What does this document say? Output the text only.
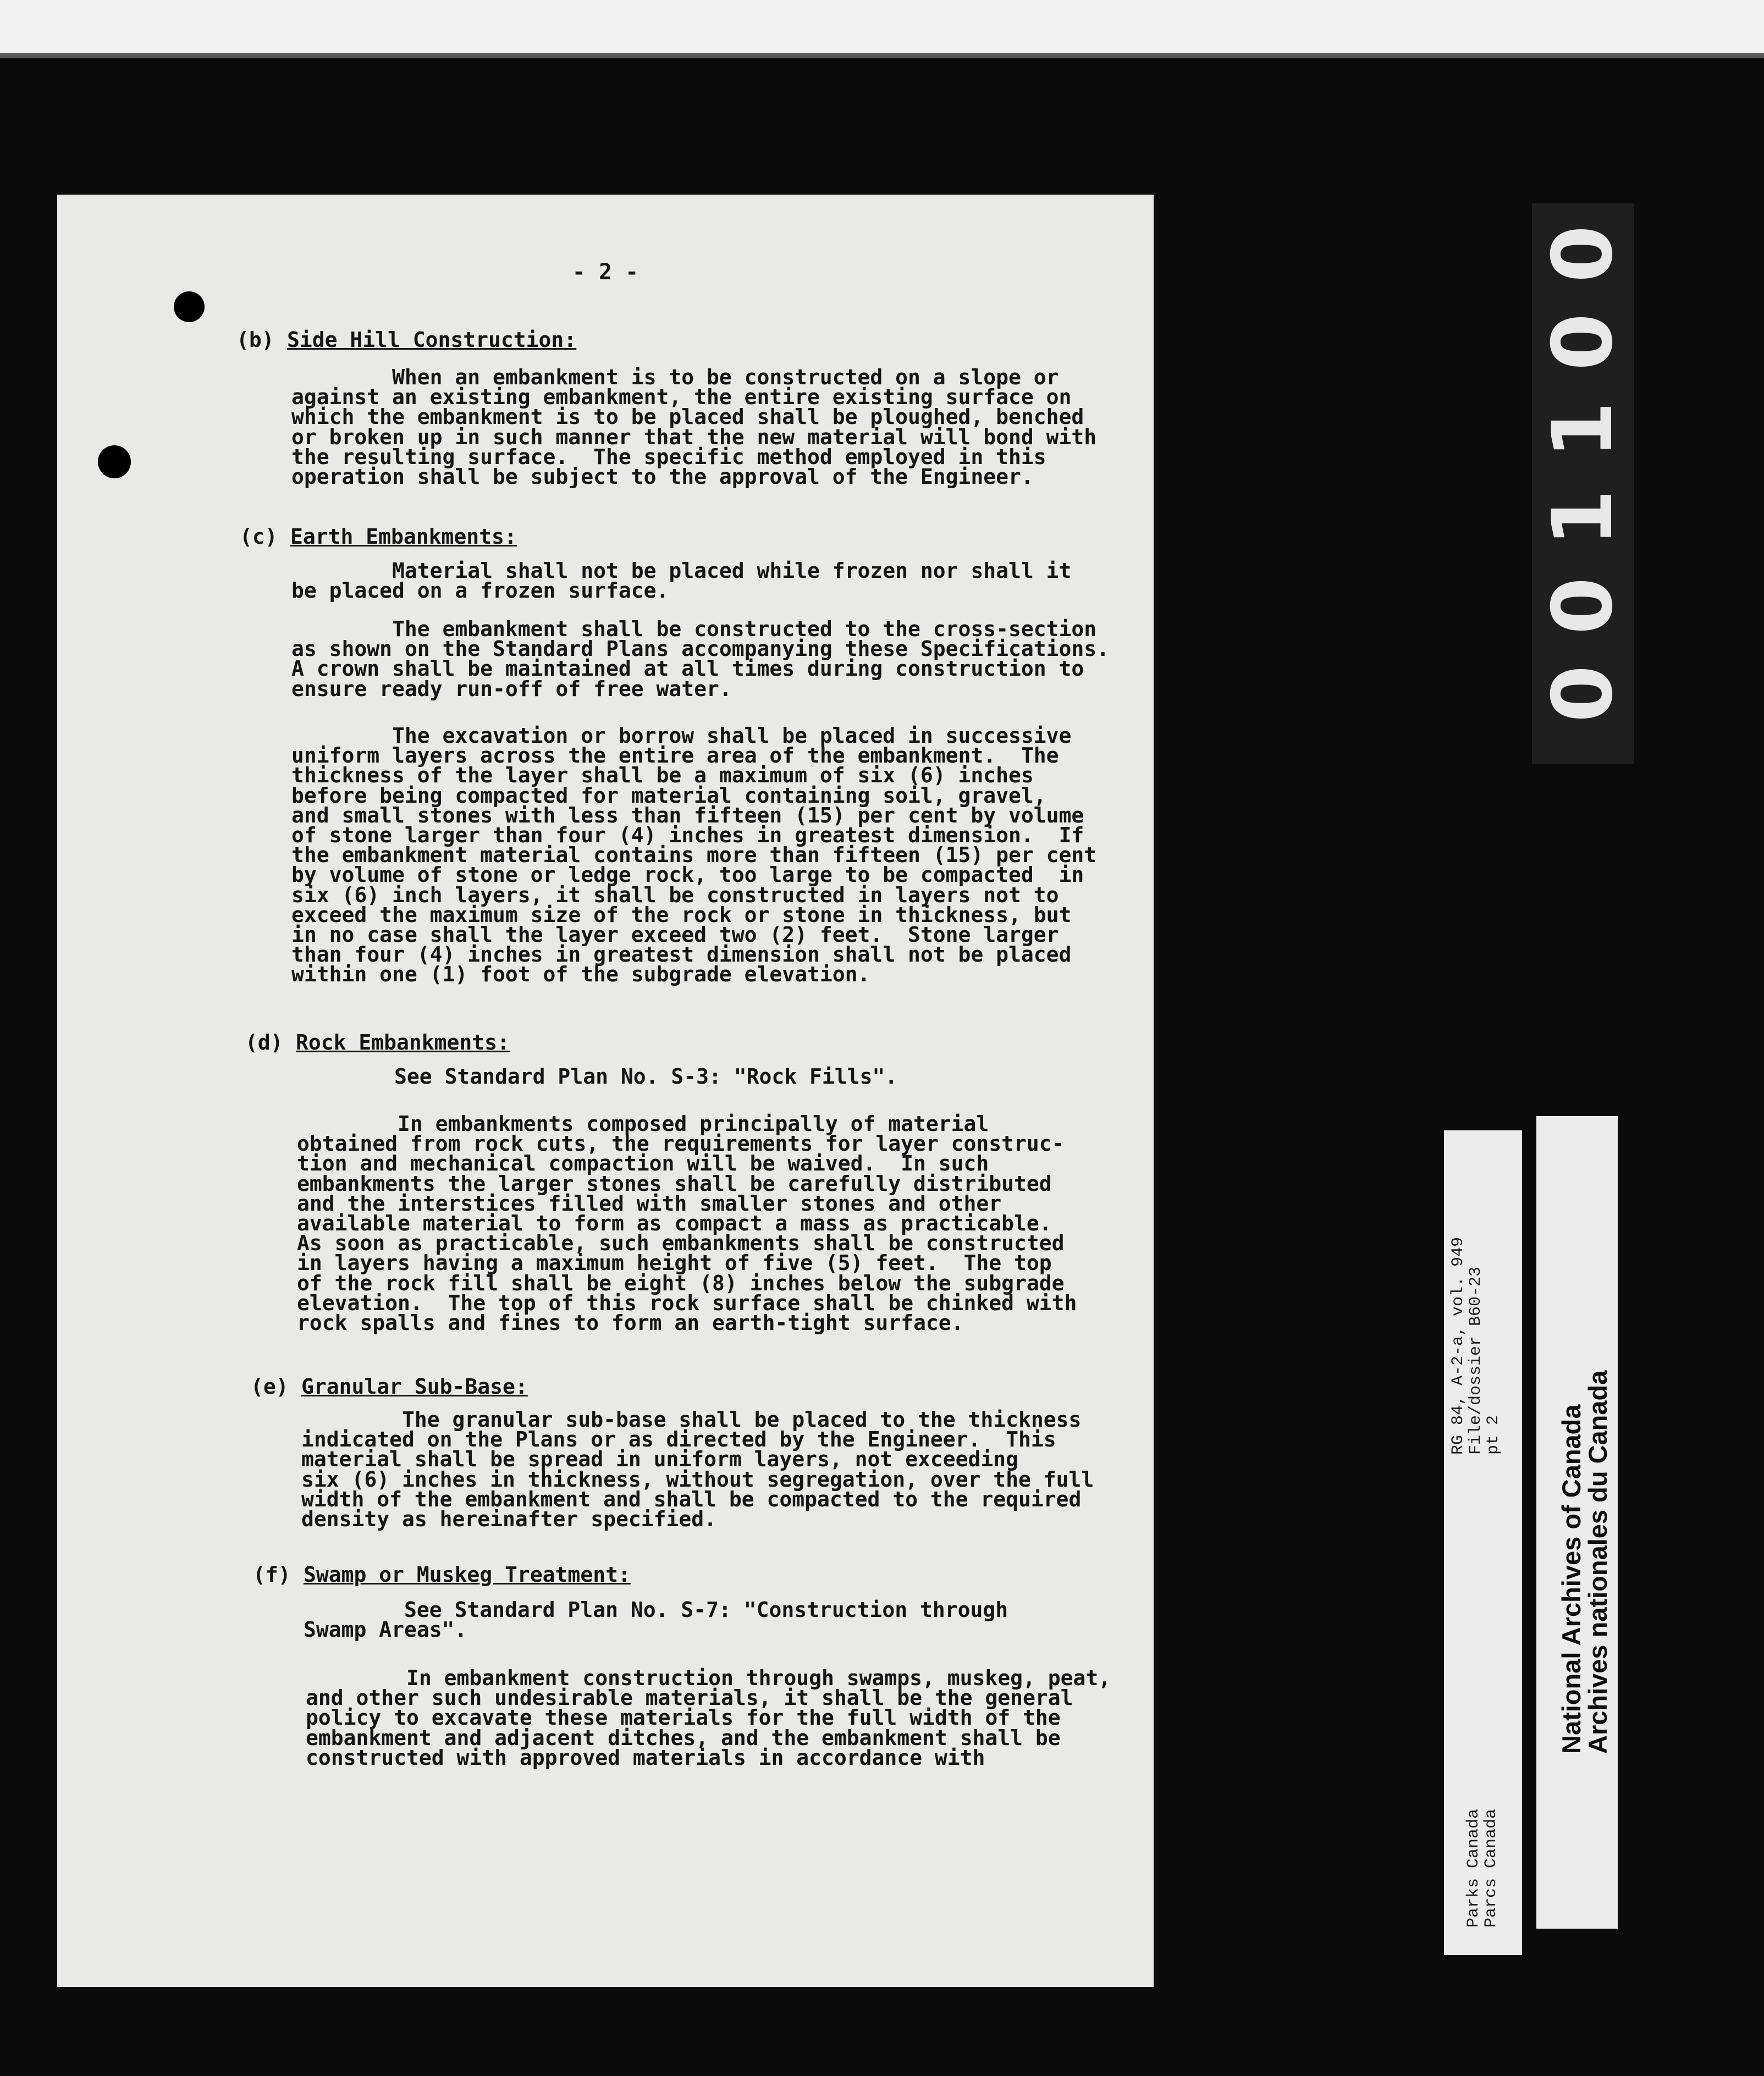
- 2 -
(b) Side Hill Construction:
When an embankment is to be constructed on a slope or
against an existing embankment, the entire existing surface on
which the embankment is to be placed shall be ploughed, benched
or broken up in such manner that the new material will bond with
the resulting surface.  The specific method employed in this
operation shall be subject to the approval of the Engineer.
(c) Earth Embankments:
Material shall not be placed while frozen nor shall it
be placed on a frozen surface.
The embankment shall be constructed to the cross-section
as shown on the Standard Plans accompanying these Specifications.
A crown shall be maintained at all times during construction to
ensure ready run-off of free water.
The excavation or borrow shall be placed in successive
uniform layers across the entire area of the embankment.  The
thickness of the layer shall be a maximum of six (6) inches
before being compacted for material containing soil, gravel,
and small stones with less than fifteen (15) per cent by volume
of stone larger than four (4) inches in greatest dimension.  If
the embankment material contains more than fifteen (15) per cent
by volume of stone or ledge rock, too large to be compacted  in
six (6) inch layers, it shall be constructed in layers not to
exceed the maximum size of the rock or stone in thickness, but
in no case shall the layer exceed two (2) feet.  Stone larger
than four (4) inches in greatest dimension shall not be placed
within one (1) foot of the subgrade elevation.
(d) Rock Embankments:
See Standard Plan No. S-3: "Rock Fills".
In embankments composed principally of material
obtained from rock cuts, the requirements for layer construc-
tion and mechanical compaction will be waived.  In such
embankments the larger stones shall be carefully distributed
and the interstices filled with smaller stones and other
available material to form as compact a mass as practicable.
As soon as practicable, such embankments shall be constructed
in layers having a maximum height of five (5) feet.  The top
of the rock fill shall be eight (8) inches below the subgrade
elevation.  The top of this rock surface shall be chinked with
rock spalls and fines to form an earth-tight surface.
(e) Granular Sub-Base:
The granular sub-base shall be placed to the thickness
indicated on the Plans or as directed by the Engineer.  This
material shall be spread in uniform layers, not exceeding
six (6) inches in thickness, without segregation, over the full
width of the embankment and shall be compacted to the required
density as hereinafter specified.
(f) Swamp or Muskeg Treatment:
See Standard Plan No. S-7: "Construction through
Swamp Areas".
In embankment construction through swamps, muskeg, peat,
and other such undesirable materials, it shall be the general
policy to excavate these materials for the full width of the
embankment and adjacent ditches, and the embankment shall be
constructed with approved materials in accordance with
0
0
1
1
0
0
RG 84, A-2-a, vol. 949
File/dossier B60-23
pt 2
Parks Canada
Parcs Canada
National Archives of Canada
Archives nationales du Canada
